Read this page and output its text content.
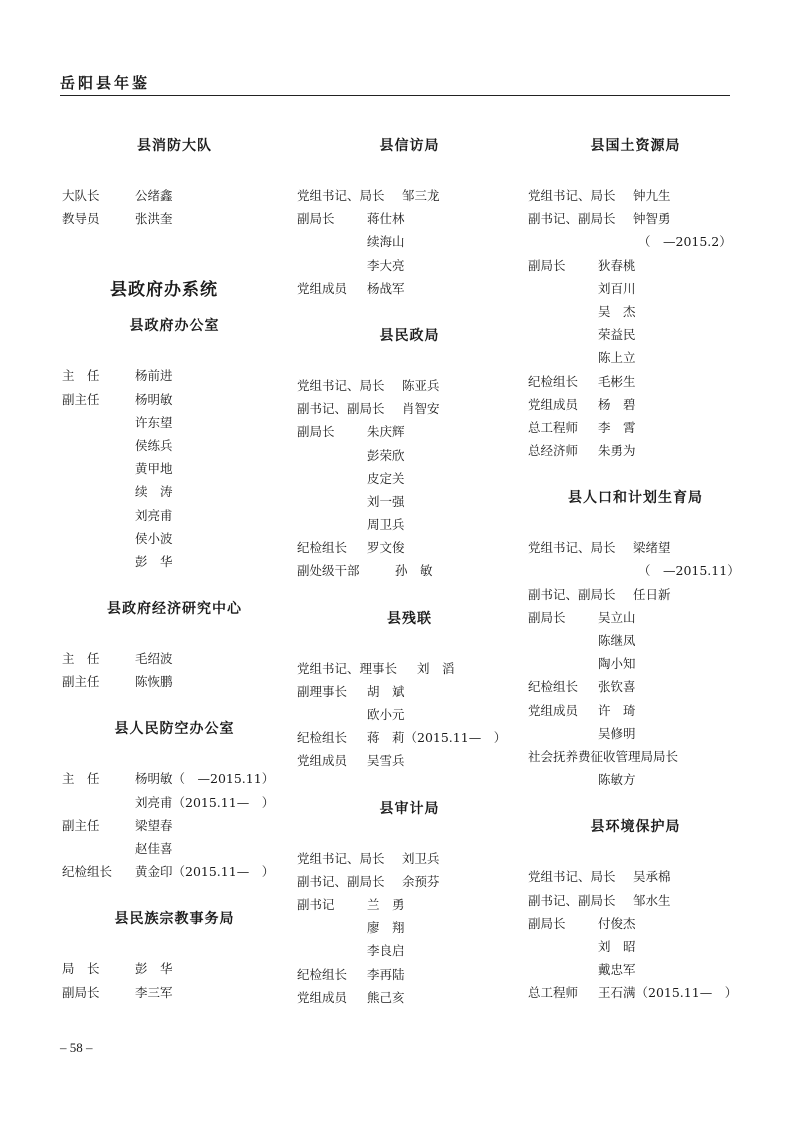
岳阳县年鉴
县消防大队
大队长	公绪鑫
教导员	张洪奎
县政府办系统
县政府办公室
主　任	杨前进
副主任	杨明敏
许东望
侯练兵
黄甲地
续　涛
刘亮甫
侯小波
彭　华
县政府经济研究中心
主　任	毛绍波
副主任	陈恢鹏
县人民防空办公室
主　任	杨明敏（　—2015.11）
刘亮甫（2015.11—　）
副主任	梁望春
赵佳喜
纪检组长 黄金印（2015.11—　）
县民族宗教事务局
局　长	彭　华
副局长	李三军
县信访局
党组书记、局长 邹三龙
副局长	蒋仕林
续海山
李大亮
党组成员 杨战军
县民政局
党组书记、局长 陈亚兵
副书记、副局长 肖智安
副局长	朱庆辉
彭荣欣
皮定关
刘一强
周卫兵
纪检组长 罗文俊
副处级干部	孙　敏
县残联
党组书记、理事长 刘　滔
副理事长 胡　斌
欧小元
纪检组长 蒋　莉（2015.11—　）
党组成员 吴雪兵
县审计局
党组书记、局长 刘卫兵
副书记、副局长 余预芬
副书记	兰　勇
廖　翔
李良启
纪检组长 李再陆
党组成员 熊己亥
县国土资源局
党组书记、局长 钟九生
副书记、副局长 钟智勇
（　—2015.2）
副局长	狄春桃
刘百川
吴　杰
荣益民
陈上立
纪检组长 毛彬生
党组成员 杨　碧
总工程师 李　霄
总经济师 朱勇为
县人口和计划生育局
党组书记、局长 梁绪望
（　—2015.11）
副书记、副局长 任日新
副局长	吴立山
陈继凤
陶小知
纪检组长 张钦喜
党组成员 许　琦
吴修明
社会抚养费征收管理局局长
陈敏方
县环境保护局
党组书记、局长 吴承棉
副书记、副局长 邹水生
副局长	付俊杰
刘　昭
戴忠军
总工程师 王石满（2015.11—　）
– 58 –
